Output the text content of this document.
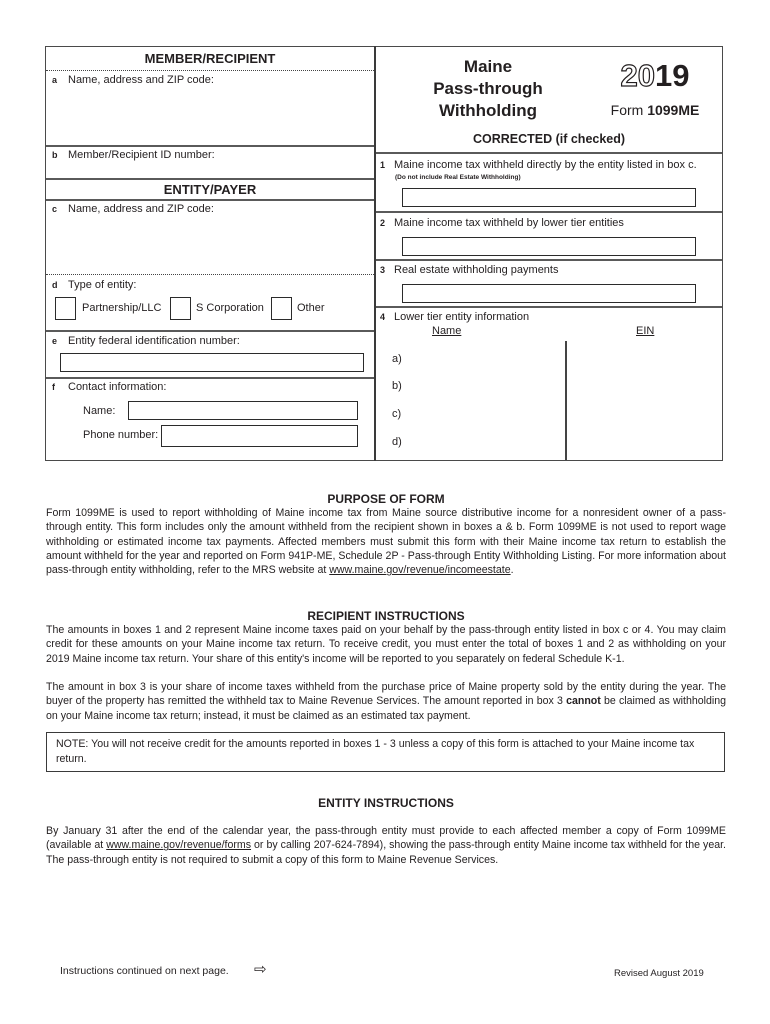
MEMBER/RECIPIENT
a Name, address and ZIP code:
b Member/Recipient ID number:
ENTITY/PAYER
c Name, address and ZIP code:
d Type of entity:
Partnership/LLC	S Corporation	Other
e Entity federal identification number:
f Contact information:
Name:
Phone number:
Maine
Pass-through
Withholding
2019
Form 1099ME
CORRECTED (if checked)
1 Maine income tax withheld directly by the entity listed in box c.
(Do not include Real Estate Withholding)
2 Maine income tax withheld by lower tier entities
3 Real estate withholding payments
4 Lower tier entity information
Name	EIN
a)
b)
c)
d)
PURPOSE OF FORM
Form 1099ME is used to report withholding of Maine income tax from Maine source distributive income for a nonresident owner of a pass-through entity. This form includes only the amount withheld from the recipient shown in boxes a & b. Form 1099ME is not used to report wage withholding or estimated income tax payments. Affected members must submit this form with their Maine income tax return to establish the amount withheld for the year and reported on Form 941P-ME, Schedule 2P - Pass-through Entity Withholding Listing. For more information about pass-through entity withholding, refer to the MRS website at www.maine.gov/revenue/incomeestate.
RECIPIENT INSTRUCTIONS
The amounts in boxes 1 and 2 represent Maine income taxes paid on your behalf by the pass-through entity listed in box c or 4. You may claim credit for these amounts on your Maine income tax return. To receive credit, you must enter the total of boxes 1 and 2 as withholding on your 2019 Maine income tax return. Your share of this entity's income will be reported to you separately on federal Schedule K-1.
The amount in box 3 is your share of income taxes withheld from the purchase price of Maine property sold by the entity during the year. The buyer of the property has remitted the withheld tax to Maine Revenue Services. The amount reported in box 3 cannot be claimed as withholding on your Maine income tax return; instead, it must be claimed as an estimated tax payment.
NOTE: You will not receive credit for the amounts reported in boxes 1 - 3 unless a copy of this form is attached to your Maine income tax return.
ENTITY INSTRUCTIONS
By January 31 after the end of the calendar year, the pass-through entity must provide to each affected member a copy of Form 1099ME (available at www.maine.gov/revenue/forms or by calling 207-624-7894), showing the pass-through entity Maine income tax withheld for the year. The pass-through entity is not required to submit a copy of this form to Maine Revenue Services.
Instructions continued on next page. ⇨	Revised August 2019
